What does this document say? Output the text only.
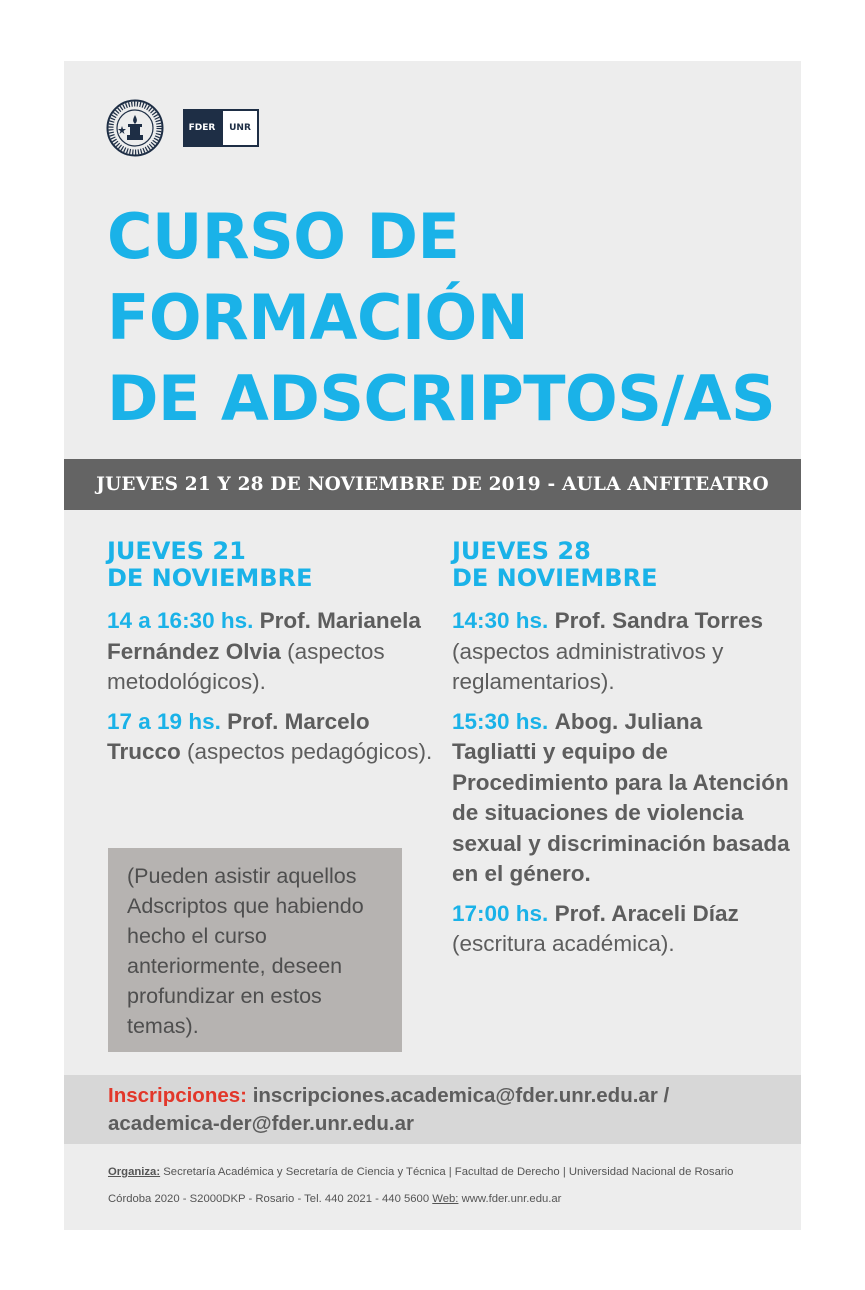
FDER	UNR
CURSO DE
FORMACIÓN
DE ADSCRIPTOS/AS
JUEVES 21 Y 28 DE NOVIEMBRE DE 2019 - AULA ANFITEATRO
JUEVES 21
DE NOVIEMBRE

14 a 16:30 hs. Prof. Marianela Fernández Olvia (aspectos metodológicos).

17 a 19 hs. Prof. Marcelo Trucco (aspectos pedagógicos).

(Pueden asistir aquellos Adscriptos que habiendo hecho el curso anteriormente, deseen profundizar en estos temas).
JUEVES 28
DE NOVIEMBRE

14:30 hs. Prof. Sandra Torres (aspectos administrativos y reglamentarios).

15:30 hs. Abog. Juliana Tagliatti y equipo de Procedimiento para la Atención de situaciones de violencia sexual y discriminación basada en el género.

17:00 hs. Prof. Araceli Díaz (escritura académica).

Inscripciones: inscripciones.academica@fder.unr.edu.ar /
academica-der@fder.unr.edu.ar
Organiza: Secretaría Académica y Secretaría de Ciencia y Técnica | Facultad de Derecho | Universidad Nacional de Rosario
Córdoba 2020 - S2000DKP - Rosario - Tel. 440 2021 - 440 5600 Web: www.fder.unr.edu.ar
